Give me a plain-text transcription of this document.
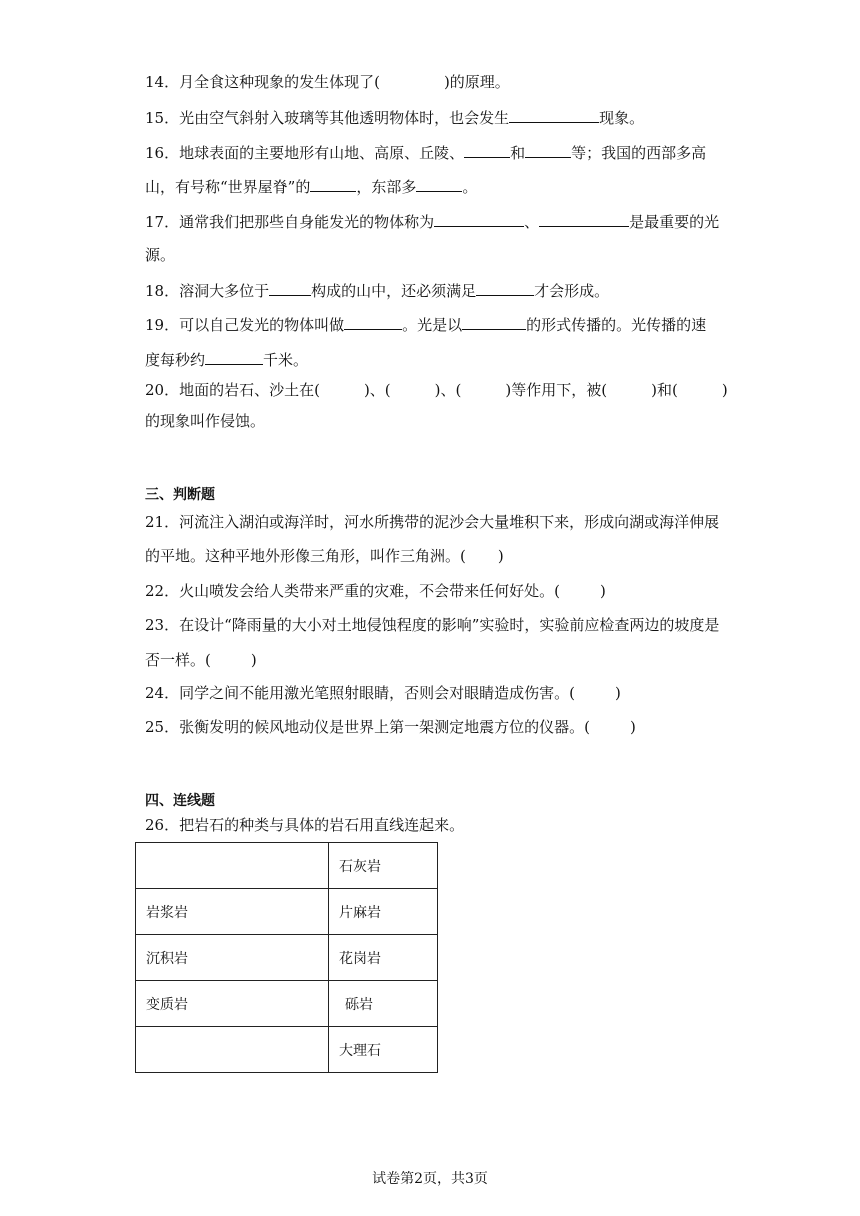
14．月全食这种现象的发生体现了(	)的原理。
15．光由空气斜射入玻璃等其他透明物体时，也会发生	现象。
16．地球表面的主要地形有山地、高原、丘陵、	和	等；我国的西部多高
山，有号称“世界屋脊”的	，东部多	。
17．通常我们把那些自身能发光的物体称为	、	是最重要的光
源。
18．溶洞大多位于	构成的山中，还必须满足	才会形成。
19．可以自己发光的物体叫做	。光是以	的形式传播的。光传播的速
度每秒约	千米。
20．地面的岩石、沙土在(	)、(	)、(	)等作用下，被(	)和(	)
的现象叫作侵蚀。
三、判断题
21．河流注入湖泊或海洋时，河水所携带的泥沙会大量堆积下来，形成向湖或海洋伸展
的平地。这种平地外形像三角形，叫作三角洲。( )
22．火山喷发会给人类带来严重的灾难，不会带来任何好处。(	)
23．在设计“降雨量的大小对土地侵蚀程度的影响”实验时，实验前应检查两边的坡度是
否一样。(	)
24．同学之间不能用激光笔照射眼睛，否则会对眼睛造成伤害。(	)
25．张衡发明的候风地动仪是世界上第一架测定地震方位的仪器。(	)
四、连线题
26．把岩石的种类与具体的岩石用直线连起来。
	石灰岩
岩浆岩	片麻岩
沉积岩	花岗岩
变质岩	砾岩
	大理石
试卷第2页，共3页
